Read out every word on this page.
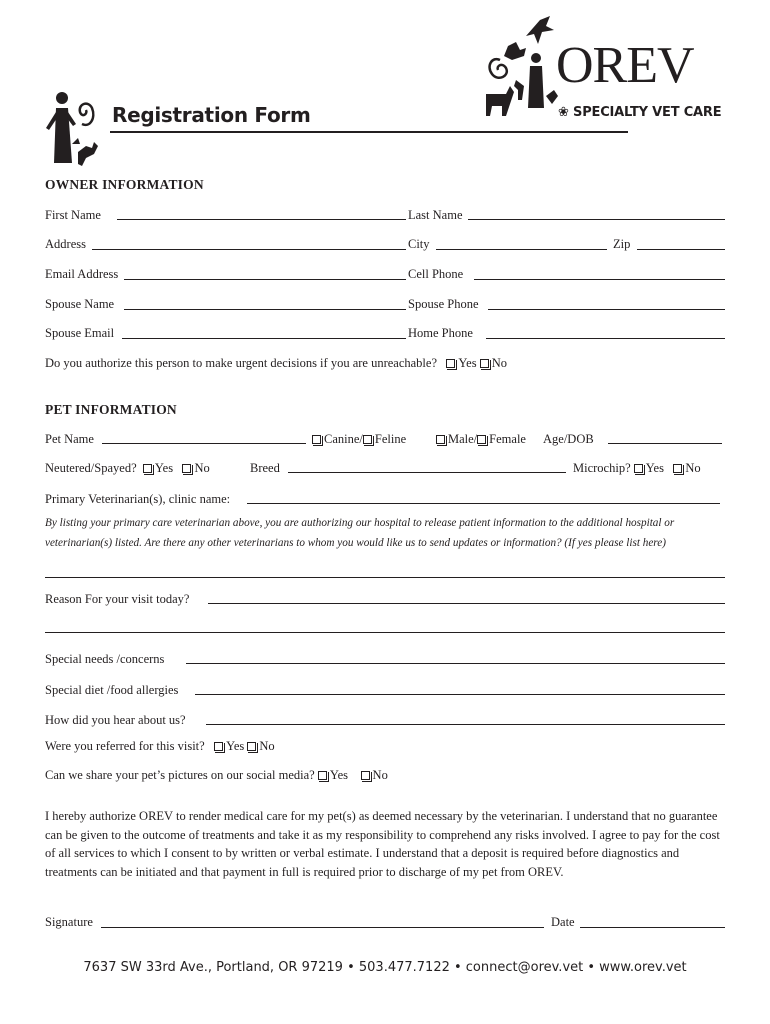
Registration Form
OREV
❀ SPECIALTY VET CARE
OWNER INFORMATION
First Name	Last Name
Address	City	Zip
Email Address	Cell Phone
Spouse Name	Spouse Phone
Spouse Email	Home Phone
Do you authorize this person to make urgent decisions if you are unreachable? Yes No
PET INFORMATION
Pet Name	Canine/ Feline	Male/ Female Age/DOB
Neutered/Spayed? Yes No	Breed	Microchip? Yes No
Primary Veterinarian(s), clinic name:
By listing your primary care veterinarian above, you are authorizing our hospital to release patient information to the additional hospital or
veterinarian(s) listed. Are there any other veterinarians to whom you would like us to send updates or information? (If yes please list here)
Reason For your visit today?
Special needs /concerns
Special diet /food allergies
How did you hear about us?
Were you referred for this visit? Yes No
Can we share your pet’s pictures on our social media? Yes No
I hereby authorize OREV to render medical care for my pet(s) as deemed necessary by the veterinarian. I understand that no guarantee can be given to the outcome of treatments and take it as my responsibility to comprehend any risks involved. I agree to pay for the cost of all services to which I consent to by written or verbal estimate. I understand that a deposit is required before diagnostics and treatments can be initiated and that payment in full is required prior to discharge of my pet from OREV.
Signature	Date
7637 SW 33rd Ave., Portland, OR 97219 • 503.477.7122 • connect@orev.vet • www.orev.vet
